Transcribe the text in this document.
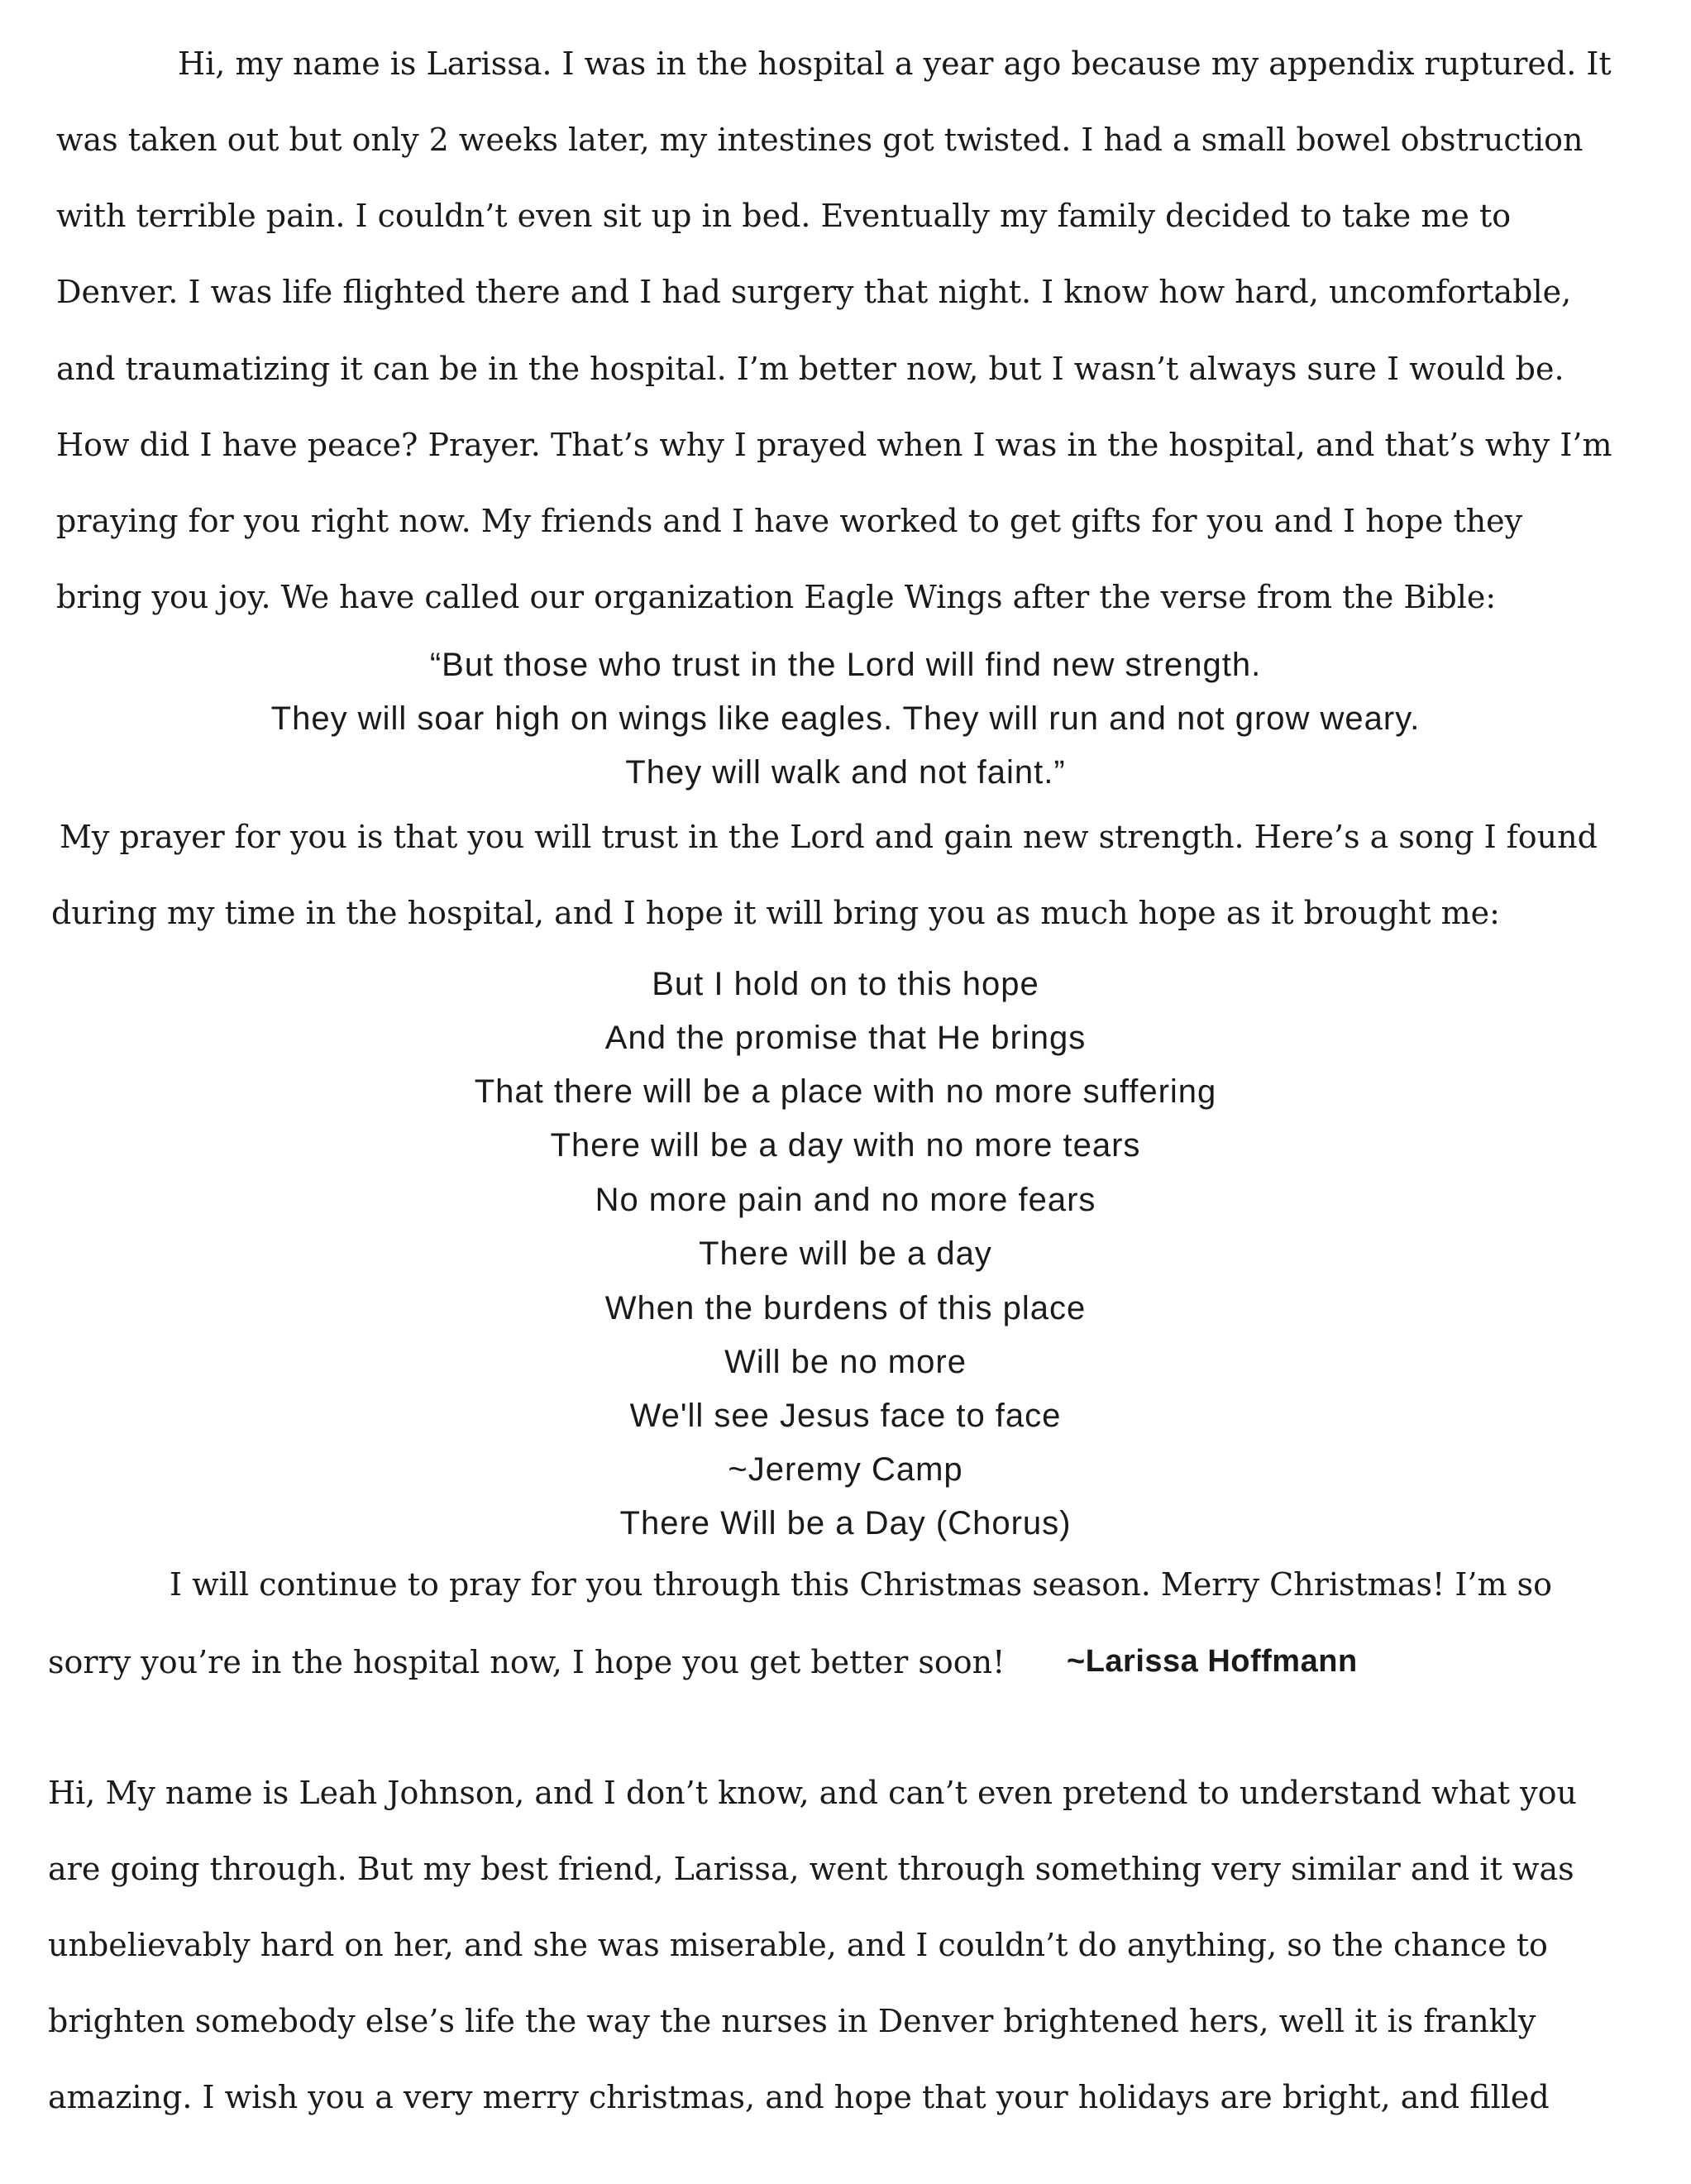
Hi, my name is Larissa. I was in the hospital a year ago because my appendix ruptured. It

was taken out but only 2 weeks later, my intestines got twisted. I had a small bowel obstruction

with terrible pain. I couldn’t even sit up in bed. Eventually my family decided to take me to

Denver. I was life flighted there and I had surgery that night. I know how hard, uncomfortable,

and traumatizing it can be in the hospital. I’m better now, but I wasn’t always sure I would be.

How did I have peace? Prayer. That’s why I prayed when I was in the hospital, and that’s why I’m

praying for you right now. My friends and I have worked to get gifts for you and I hope they

bring you joy. We have called our organization Eagle Wings after the verse from the Bible:

“But those who trust in the Lord will find new strength.

They will soar high on wings like eagles. They will run and not grow weary.

They will walk and not faint.”

My prayer for you is that you will trust in the Lord and gain new strength. Here’s a song I found

during my time in the hospital, and I hope it will bring you as much hope as it brought me:

But I hold on to this hope

And the promise that He brings

That there will be a place with no more suffering

There will be a day with no more tears

No more pain and no more fears

There will be a day

When the burdens of this place

Will be no more

We'll see Jesus face to face

~Jeremy Camp

There Will be a Day (Chorus)

I will continue to pray for you through this Christmas season. Merry Christmas! I’m so

sorry you’re in the hospital now, I hope you get better soon! ~Larissa Hoffmann

Hi, My name is Leah Johnson, and I don’t know, and can’t even pretend to understand what you

are going through. But my best friend, Larissa, went through something very similar and it was

unbelievably hard on her, and she was miserable, and I couldn’t do anything, so the chance to

brighten somebody else’s life the way the nurses in Denver brightened hers, well it is frankly

amazing. I wish you a very merry christmas, and hope that your holidays are bright, and filled
